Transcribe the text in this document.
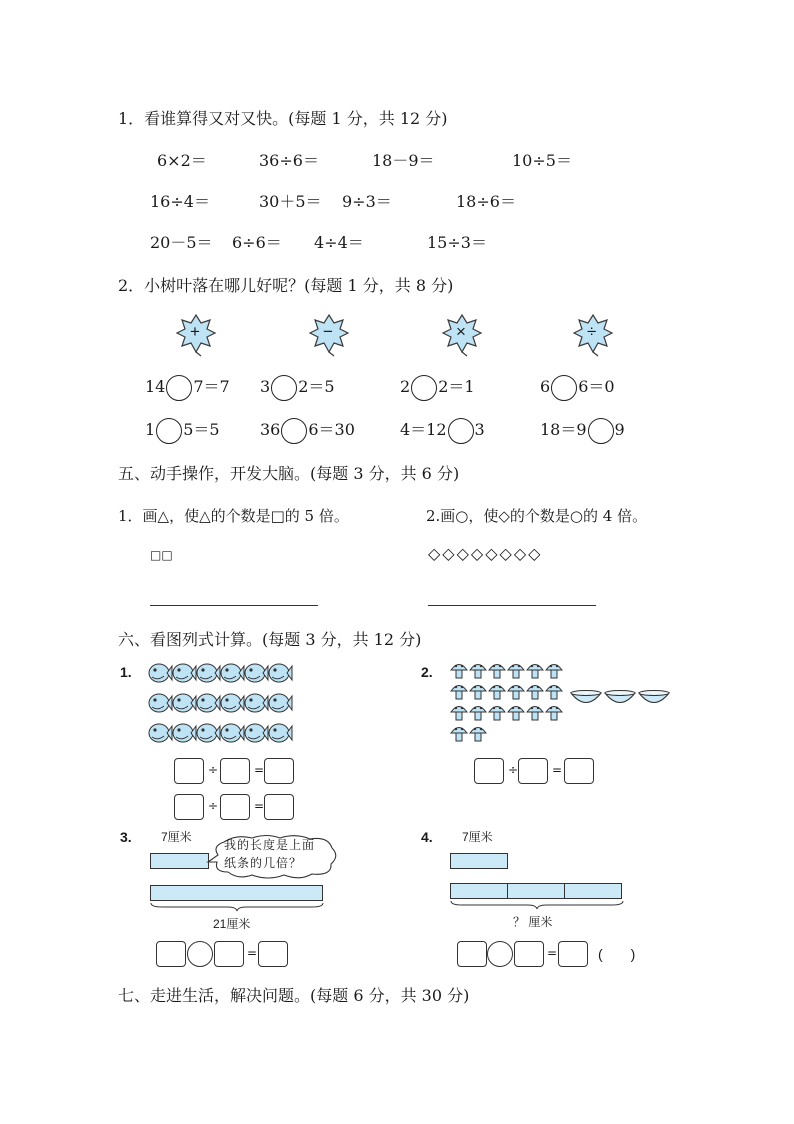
1．看谁算得又对又快。(每题 1 分，共 12 分)
6×2＝	36÷6＝	18－9＝	10÷5＝
16÷4＝	30＋5＝ 9÷3＝	18÷6＝
20－5＝ 6÷6＝ 4÷4＝	15÷3＝
2．小树叶落在哪儿好呢？(每题 1 分，共 8 分)
+	−	×	÷
14 7＝7 3 2＝5	2 2＝1	6 6＝0
1 5＝5	36 6＝30	4＝12 3	18＝9 9
五、动手操作，开发大脑。(每题 3 分，共 6 分)
1．画△，使△的个数是□的 5 倍。	2.画○，使◇的个数是○的 4 倍。
□□	◇◇◇◇◇◇◇◇
六、看图列式计算。(每题 3 分，共 12 分)
1.
÷	=
÷	=
2.
÷	=
3. 7厘米
我的长度是上面
纸条的几倍？
21厘米
=
4. 7厘米
？ 厘米
=	(　　)
七、走进生活，解决问题。(每题 6 分，共 30 分)
